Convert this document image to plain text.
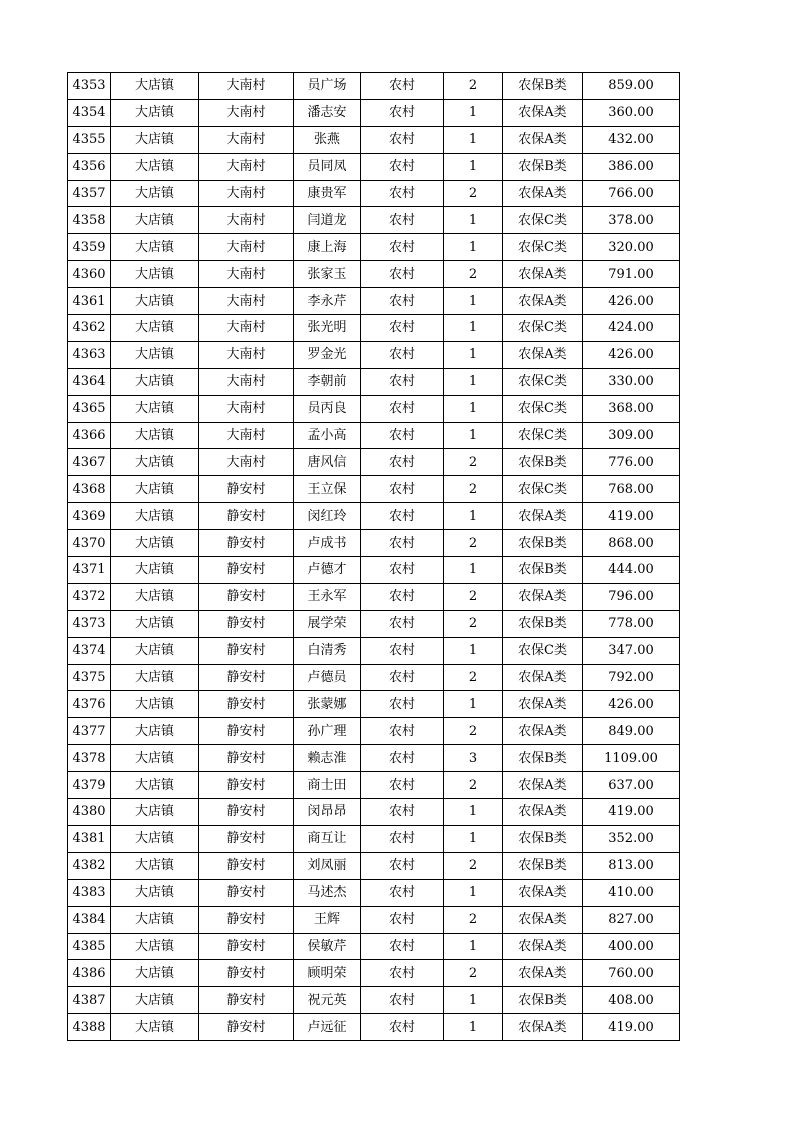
4353	大店镇	大南村	员广场	农村	2	农保B类	859.00
4354	大店镇	大南村	潘志安	农村	1	农保A类	360.00
4355	大店镇	大南村	张燕	农村	1	农保A类	432.00
4356	大店镇	大南村	员同凤	农村	1	农保B类	386.00
4357	大店镇	大南村	康贵军	农村	2	农保A类	766.00
4358	大店镇	大南村	闫道龙	农村	1	农保C类	378.00
4359	大店镇	大南村	康上海	农村	1	农保C类	320.00
4360	大店镇	大南村	张家玉	农村	2	农保A类	791.00
4361	大店镇	大南村	李永芹	农村	1	农保A类	426.00
4362	大店镇	大南村	张光明	农村	1	农保C类	424.00
4363	大店镇	大南村	罗金光	农村	1	农保A类	426.00
4364	大店镇	大南村	李朝前	农村	1	农保C类	330.00
4365	大店镇	大南村	员丙良	农村	1	农保C类	368.00
4366	大店镇	大南村	孟小高	农村	1	农保C类	309.00
4367	大店镇	大南村	唐风信	农村	2	农保B类	776.00
4368	大店镇	静安村	王立保	农村	2	农保C类	768.00
4369	大店镇	静安村	闵红玲	农村	1	农保A类	419.00
4370	大店镇	静安村	卢成书	农村	2	农保B类	868.00
4371	大店镇	静安村	卢德才	农村	1	农保B类	444.00
4372	大店镇	静安村	王永军	农村	2	农保A类	796.00
4373	大店镇	静安村	展学荣	农村	2	农保B类	778.00
4374	大店镇	静安村	白清秀	农村	1	农保C类	347.00
4375	大店镇	静安村	卢德员	农村	2	农保A类	792.00
4376	大店镇	静安村	张蒙娜	农村	1	农保A类	426.00
4377	大店镇	静安村	孙广理	农村	2	农保A类	849.00
4378	大店镇	静安村	赖志淮	农村	3	农保B类	1109.00
4379	大店镇	静安村	商士田	农村	2	农保A类	637.00
4380	大店镇	静安村	闵昂昂	农村	1	农保A类	419.00
4381	大店镇	静安村	商互让	农村	1	农保B类	352.00
4382	大店镇	静安村	刘凤丽	农村	2	农保B类	813.00
4383	大店镇	静安村	马述杰	农村	1	农保A类	410.00
4384	大店镇	静安村	王辉	农村	2	农保A类	827.00
4385	大店镇	静安村	侯敏芹	农村	1	农保A类	400.00
4386	大店镇	静安村	顾明荣	农村	2	农保A类	760.00
4387	大店镇	静安村	祝元英	农村	1	农保B类	408.00
4388	大店镇	静安村	卢远征	农村	1	农保A类	419.00
